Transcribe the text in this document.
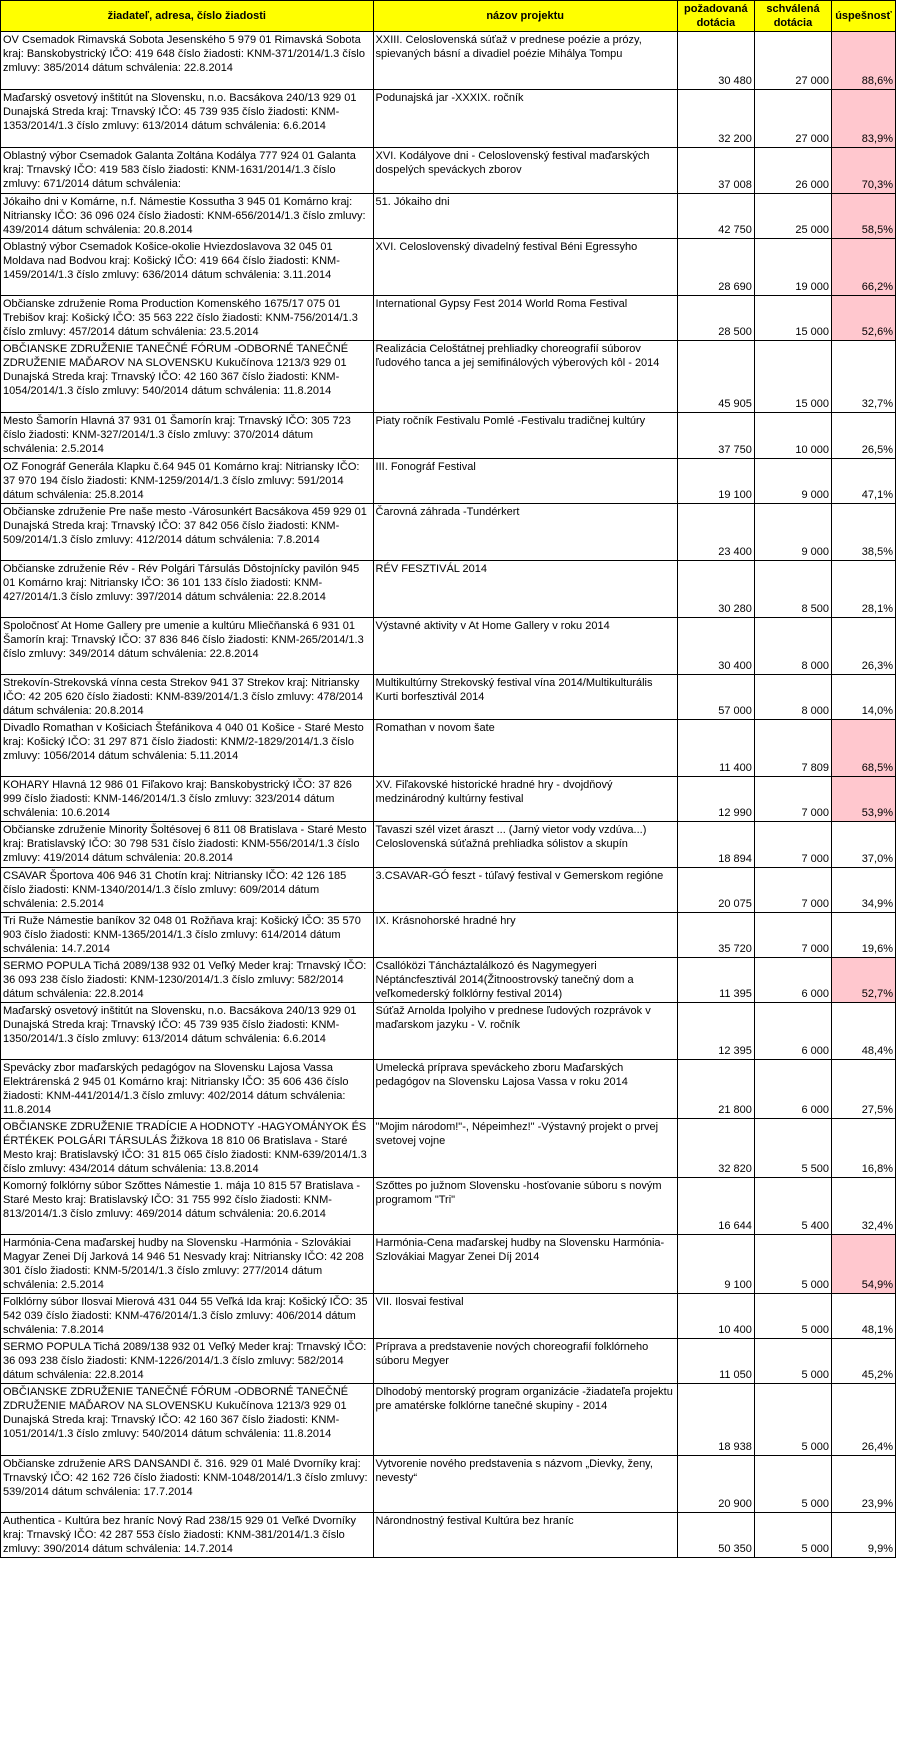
žiadateľ, adresa, číslo žiadosti	názov projektu	požadovaná dotácia	schválená dotácia	úspešnosť
OV Csemadok Rimavská Sobota Jesenského 5 979 01 Rimavská Sobota kraj: Banskobystrický IČO: 419 648 číslo žiadosti: KNM-371/2014/1.3 číslo zmluvy: 385/2014 dátum schválenia: 22.8.2014	XXIII. Celoslovenská súťaž v prednese poézie a prózy, spievaných básní a divadiel poézie Mihálya Tompu	30 480	27 000	88,6%
Maďarský osvetový inštitút na Slovensku, n.o. Bacsákova 240/13 929 01 Dunajská Streda kraj: Trnavský IČO: 45 739 935 číslo žiadosti: KNM-1353/2014/1.3 číslo zmluvy: 613/2014 dátum schválenia: 6.6.2014	Podunajská jar -XXXIX. ročník	32 200	27 000	83,9%
Oblastný výbor Csemadok Galanta Zoltána Kodálya 777 924 01 Galanta kraj: Trnavský IČO: 419 583 číslo žiadosti: KNM-1631/2014/1.3 číslo zmluvy: 671/2014 dátum schválenia:	XVI. Kodályove dni - Celoslovenský festival maďarských dospelých speváckych zborov	37 008	26 000	70,3%
Jókaiho dni v Komárne, n.f. Námestie Kossutha 3 945 01 Komárno kraj: Nitriansky IČO: 36 096 024 číslo žiadosti: KNM-656/2014/1.3 číslo zmluvy: 439/2014 dátum schválenia: 20.8.2014	51. Jókaiho dni	42 750	25 000	58,5%
Oblastný výbor Csemadok Košice-okolie Hviezdoslavova 32 045 01 Moldava nad Bodvou kraj: Košický IČO: 419 664 číslo žiadosti: KNM-1459/2014/1.3 číslo zmluvy: 636/2014 dátum schválenia: 3.11.2014	XVI. Celoslovenský divadelný festival Béni Egressyho	28 690	19 000	66,2%
Občianske združenie Roma Production Komenského 1675/17 075 01 Trebišov kraj: Košický IČO: 35 563 222 číslo žiadosti: KNM-756/2014/1.3 číslo zmluvy: 457/2014 dátum schválenia: 23.5.2014	International Gypsy Fest 2014 World Roma Festival	28 500	15 000	52,6%
OBČIANSKE ZDRUŽENIE TANEČNÉ FÓRUM -ODBORNÉ TANEČNÉ ZDRUŽENIE MAĎAROV NA SLOVENSKU Kukučínova 1213/3 929 01 Dunajská Streda kraj: Trnavský IČO: 42 160 367 číslo žiadosti: KNM-1054/2014/1.3 číslo zmluvy: 540/2014 dátum schválenia: 11.8.2014	Realizácia Celoštátnej prehliadky choreografií súborov ľudového tanca a jej semifinálových výberových kôl - 2014	45 905	15 000	32,7%
Mesto Šamorín Hlavná 37 931 01 Šamorín kraj: Trnavský IČO: 305 723 číslo žiadosti: KNM-327/2014/1.3 číslo zmluvy: 370/2014 dátum schválenia: 2.5.2014	Piaty ročník Festivalu Pomlé -Festivalu tradičnej kultúry	37 750	10 000	26,5%
OZ Fonográf Generála Klapku č.64 945 01 Komárno kraj: Nitriansky IČO: 37 970 194 číslo žiadosti: KNM-1259/2014/1.3 číslo zmluvy: 591/2014 dátum schválenia: 25.8.2014	III. Fonográf Festival	19 100	9 000	47,1%
Občianske združenie Pre naše mesto -Városunkért Bacsákova 459 929 01 Dunajská Streda kraj: Trnavský IČO: 37 842 056 číslo žiadosti: KNM-509/2014/1.3 číslo zmluvy: 412/2014 dátum schválenia: 7.8.2014	Čarovná záhrada -Tundérkert	23 400	9 000	38,5%
Občianske združenie Rév - Rév Polgári Társulás Dôstojnícky pavilón 945 01 Komárno kraj: Nitriansky IČO: 36 101 133 číslo žiadosti: KNM-427/2014/1.3 číslo zmluvy: 397/2014 dátum schválenia: 22.8.2014	RÉV FESZTIVÁL 2014	30 280	8 500	28,1%
Spoločnosť At Home Gallery pre umenie a kultúru Mliečňanská 6 931 01 Šamorín kraj: Trnavský IČO: 37 836 846 číslo žiadosti: KNM-265/2014/1.3 číslo zmluvy: 349/2014 dátum schválenia: 22.8.2014	Výstavné aktivity v At Home Gallery v roku 2014	30 400	8 000	26,3%
Strekovín-Strekovská vínna cesta Strekov 941 37 Strekov kraj: Nitriansky IČO: 42 205 620 číslo žiadosti: KNM-839/2014/1.3 číslo zmluvy: 478/2014 dátum schválenia: 20.8.2014	Multikultúrny Strekovský festival vína 2014/Multikulturális Kurti borfesztivál 2014	57 000	8 000	14,0%
Divadlo Romathan v Košiciach Štefánikova 4 040 01 Košice - Staré Mesto kraj: Košický IČO: 31 297 871 číslo žiadosti: KNM/2-1829/2014/1.3 číslo zmluvy: 1056/2014 dátum schválenia: 5.11.2014	Romathan v novom šate	11 400	7 809	68,5%
KOHARY Hlavná 12 986 01 Fiľakovo kraj: Banskobystrický IČO: 37 826 999 číslo žiadosti: KNM-146/2014/1.3 číslo zmluvy: 323/2014 dátum schválenia: 10.6.2014	XV. Fiľakovské historické hradné hry - dvojdňový medzinárodný kultúrny festival	12 990	7 000	53,9%
Občianske združenie Minority Šoltésovej 6 811 08 Bratislava - Staré Mesto kraj: Bratislavský IČO: 30 798 531 číslo žiadosti: KNM-556/2014/1.3 číslo zmluvy: 419/2014 dátum schválenia: 20.8.2014	Tavaszi szél vizet áraszt ... (Jarný vietor vody vzdúva...) Celoslovenská súťažná prehliadka sólistov a skupín	18 894	7 000	37,0%
CSAVAR Športova 406 946 31 Chotín kraj: Nitriansky IČO: 42 126 185 číslo žiadosti: KNM-1340/2014/1.3 číslo zmluvy: 609/2014 dátum schválenia: 2.5.2014	3.CSAVAR-GÓ feszt - túľavý festival v Gemerskom regióne	20 075	7 000	34,9%
Tri Ruže Námestie baníkov 32 048 01 Rožňava kraj: Košický IČO: 35 570 903 číslo žiadosti: KNM-1365/2014/1.3 číslo zmluvy: 614/2014 dátum schválenia: 14.7.2014	IX. Krásnohorské hradné hry	35 720	7 000	19,6%
SERMO POPULA Tichá 2089/138 932 01 Veľký Meder kraj: Trnavský IČO: 36 093 238 číslo žiadosti: KNM-1230/2014/1.3 číslo zmluvy: 582/2014 dátum schválenia: 22.8.2014	Csallóközi Táncháztalálkozó és Nagymegyeri Néptáncfesztivál 2014(Žitnoostrovský tanečný dom a veľkomederský folklórny festival 2014)	11 395	6 000	52,7%
Maďarský osvetový inštitút na Slovensku, n.o. Bacsákova 240/13 929 01 Dunajská Streda kraj: Trnavský IČO: 45 739 935 číslo žiadosti: KNM-1350/2014/1.3 číslo zmluvy: 613/2014 dátum schválenia: 6.6.2014	Súťaž Arnolda Ipolyiho v prednese ľudových rozprávok v maďarskom jazyku - V. ročník	12 395	6 000	48,4%
Spevácky zbor maďarských pedagógov na Slovensku Lajosa Vassa Elektrárenská 2 945 01 Komárno kraj: Nitriansky IČO: 35 606 436 číslo žiadosti: KNM-441/2014/1.3 číslo zmluvy: 402/2014 dátum schválenia: 11.8.2014	Umelecká príprava speváckeho zboru Maďarských pedagógov na Slovensku Lajosa Vassa v roku 2014	21 800	6 000	27,5%
OBČIANSKE ZDRUŽENIE TRADÍCIE A HODNOTY -HAGYOMÁNYOK ÉS ÉRTÉKEK POLGÁRI TÁRSULÁS Žižkova 18 810 06 Bratislava - Staré Mesto kraj: Bratislavský IČO: 31 815 065 číslo žiadosti: KNM-639/2014/1.3 číslo zmluvy: 434/2014 dátum schválenia: 13.8.2014	"Mojim národom!"-, Népeimhez!" -Výstavný projekt o prvej svetovej vojne	32 820	5 500	16,8%
Komorný folklórny súbor Szőttes Námestie 1. mája 10 815 57 Bratislava - Staré Mesto kraj: Bratislavský IČO: 31 755 992 číslo žiadosti: KNM-813/2014/1.3 číslo zmluvy: 469/2014 dátum schválenia: 20.6.2014	Szőttes po južnom Slovensku -hosťovanie súboru s novým programom "Tri"	16 644	5 400	32,4%
Harmónia-Cena maďarskej hudby na Slovensku -Harmónia - Szlovákiai Magyar Zenei Díj Jarková 14 946 51 Nesvady kraj: Nitriansky IČO: 42 208 301 číslo žiadosti: KNM-5/2014/1.3 číslo zmluvy: 277/2014 dátum schválenia: 2.5.2014	Harmónia-Cena maďarskej hudby na Slovensku Harmónia-Szlovákiai Magyar Zenei Díj 2014	9 100	5 000	54,9%
Folklórny súbor Ilosvai Mierová 431 044 55 Veľká Ida kraj: Košický IČO: 35 542 039 číslo žiadosti: KNM-476/2014/1.3 číslo zmluvy: 406/2014 dátum schválenia: 7.8.2014	VII. Ilosvai festival	10 400	5 000	48,1%
SERMO POPULA Tichá 2089/138 932 01 Veľký Meder kraj: Trnavský IČO: 36 093 238 číslo žiadosti: KNM-1226/2014/1.3 číslo zmluvy: 582/2014 dátum schválenia: 22.8.2014	Príprava a predstavenie nových choreografií folklórneho súboru Megyer	11 050	5 000	45,2%
OBČIANSKE ZDRUŽENIE TANEČNÉ FÓRUM -ODBORNÉ TANEČNÉ ZDRUŽENIE MAĎAROV NA SLOVENSKU Kukučínova 1213/3 929 01 Dunajská Streda kraj: Trnavský IČO: 42 160 367 číslo žiadosti: KNM-1051/2014/1.3 číslo zmluvy: 540/2014 dátum schválenia: 11.8.2014	Dlhodobý mentorský program organizácie -žiadateľa projektu pre amatérske folklórne tanečné skupiny - 2014	18 938	5 000	26,4%
Občianske združenie ARS DANSANDI č. 316. 929 01 Malé Dvorníky kraj: Trnavský IČO: 42 162 726 číslo žiadosti: KNM-1048/2014/1.3 číslo zmluvy: 539/2014 dátum schválenia: 17.7.2014	Vytvorenie nového predstavenia s názvom „Dievky, ženy, nevesty“	20 900	5 000	23,9%
Authentica - Kultúra bez hraníc Nový Rad 238/15 929 01 Veľké Dvorníky kraj: Trnavský IČO: 42 287 553 číslo žiadosti: KNM-381/2014/1.3 číslo zmluvy: 390/2014 dátum schválenia: 14.7.2014	Nárondnostný festival Kultúra bez hraníc	50 350	5 000	9,9%
